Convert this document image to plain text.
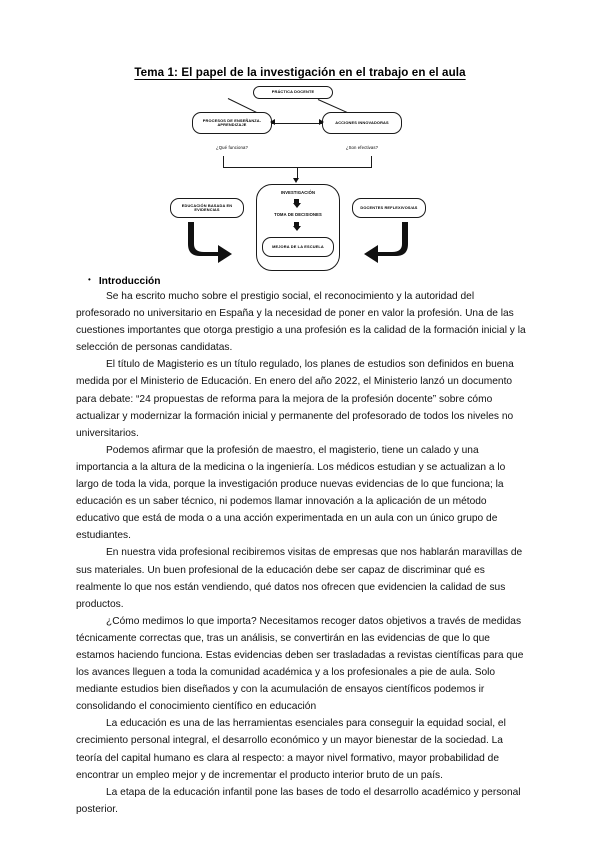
Tema 1: El papel de la investigación en el trabajo en el aula
PRÁCTICA DOCENTE
PROCESOS DE ENSEÑANZA-APRENDIZAJE	ACCIONES INNOVADORAS
¿Qué funciona?	¿Son efectivas?
INVESTIGACIÓN
TOMA DE DECISIONES
MEJORA DE LA ESCUELA
EDUCACIÓN BASADA EN EVIDENCIAS	DOCENTES REFLEXIVOS/AS
• Introducción

Se ha escrito mucho sobre el prestigio social, el reconocimiento y la autoridad del profesorado no universitario en España y la necesidad de poner en valor la profesión. Una de las cuestiones importantes que otorga prestigio a una profesión es la calidad de la formación inicial y la selección de personas candidatas.

El título de Magisterio es un título regulado, los planes de estudios son definidos en buena medida por el Ministerio de Educación. En enero del año 2022, el Ministerio lanzó un documento para debate: “24 propuestas de reforma para la mejora de la profesión docente” sobre cómo actualizar y modernizar la formación inicial y permanente del profesorado de todos los niveles no universitarios.

Podemos afirmar que la profesión de maestro, el magisterio, tiene un calado y una importancia a la altura de la medicina o la ingeniería. Los médicos estudian y se actualizan a lo largo de toda la vida, porque la investigación produce nuevas evidencias de lo que funciona; la educación es un saber técnico, ni podemos llamar innovación a la aplicación de un método educativo que está de moda o a una acción experimentada en un aula con un único grupo de estudiantes.

En nuestra vida profesional recibiremos visitas de empresas que nos hablarán maravillas de sus materiales. Un buen profesional de la educación debe ser capaz de discriminar qué es realmente lo que nos están vendiendo, qué datos nos ofrecen que evidencien la calidad de sus productos.

¿Cómo medimos lo que importa? Necesitamos recoger datos objetivos a través de medidas técnicamente correctas que, tras un análisis, se convertirán en las evidencias de que lo que estamos haciendo funciona. Estas evidencias deben ser trasladadas a revistas científicas para que los avances lleguen a toda la comunidad académica y a los profesionales a pie de aula. Solo mediante estudios bien diseñados y con la acumulación de ensayos científicos podemos ir consolidando el conocimiento científico en educación

La educación es una de las herramientas esenciales para conseguir la equidad social, el crecimiento personal integral, el desarrollo económico y un mayor bienestar de la sociedad. La teoría del capital humano es clara al respecto: a mayor nivel formativo, mayor probabilidad de encontrar un empleo mejor y de incrementar el producto interior bruto de un país.

La etapa de la educación infantil pone las bases de todo el desarrollo académico y personal posterior.
